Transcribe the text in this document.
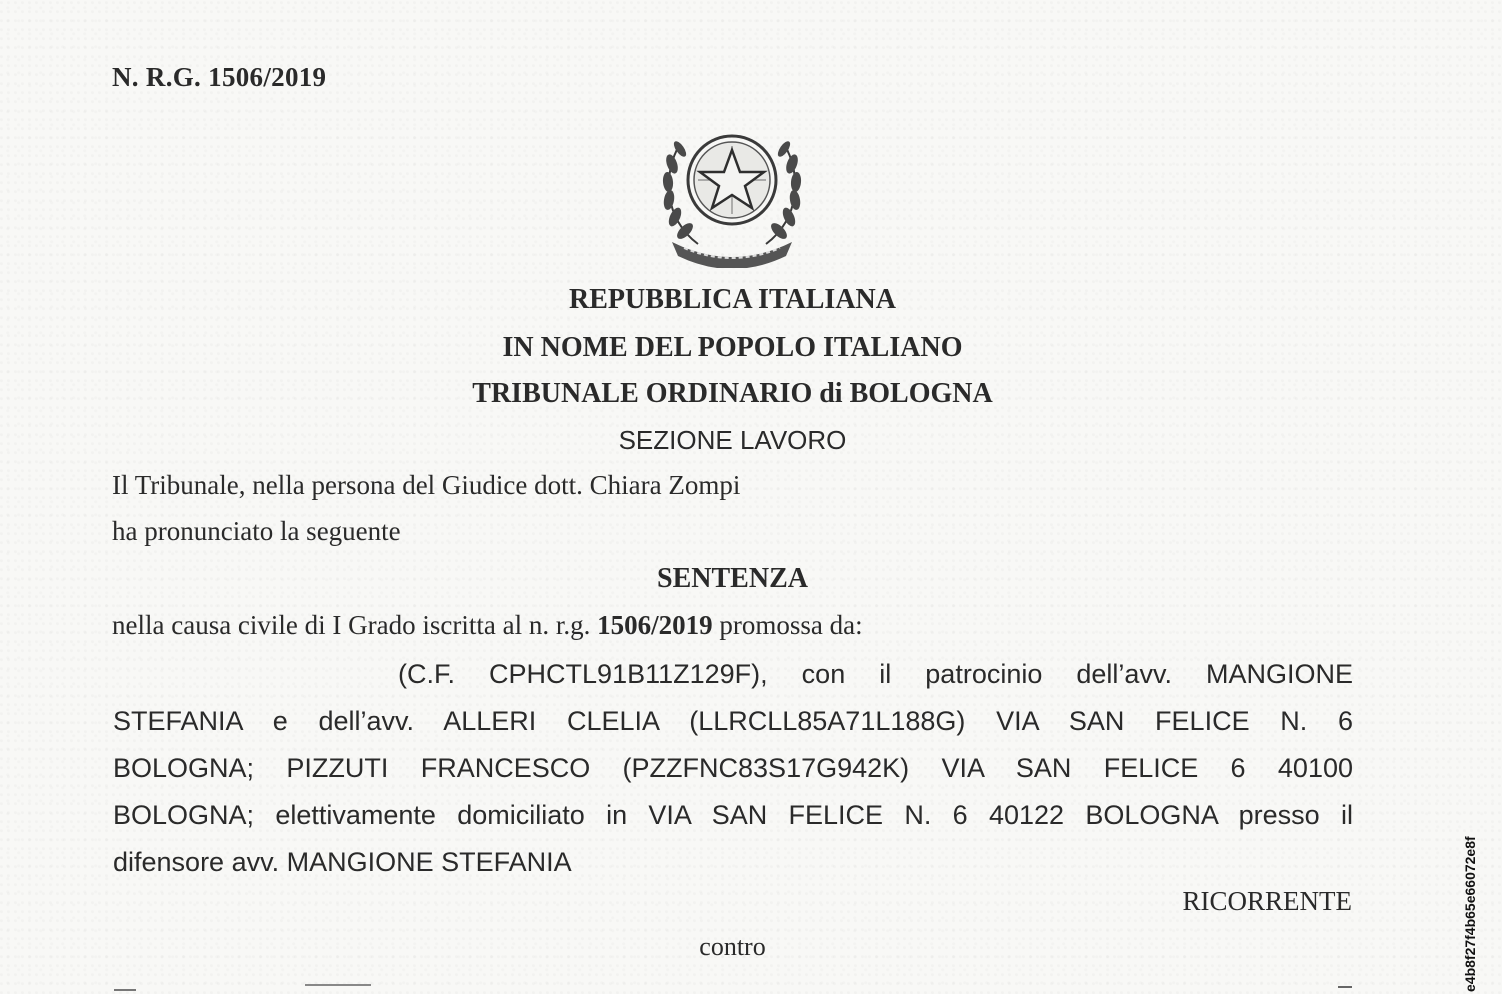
N. R.G. 1506/2019
REPUBBLICA ITALIANA
IN NOME DEL POPOLO ITALIANO
TRIBUNALE ORDINARIO di BOLOGNA
SEZIONE LAVORO
Il Tribunale, nella persona del Giudice dott. Chiara Zompi
ha pronunciato la seguente
SENTENZA
nella causa civile di I Grado iscritta al n. r.g. 1506/2019 promossa da:
(C.F. CPHCTL91B11Z129F), con il patrocinio dell’avv. MANGIONE
STEFANIA e dell’avv. ALLERI CLELIA (LLRCLL85A71L188G) VIA SAN FELICE N. 6
BOLOGNA; PIZZUTI FRANCESCO (PZZFNC83S17G942K) VIA SAN FELICE 6 40100
BOLOGNA; elettivamente domiciliato in VIA SAN FELICE N. 6 40122 BOLOGNA presso il
difensore avv. MANGIONE STEFANIA
RICORRENTE
contro	e4b8f27f4b65e66072e8f
